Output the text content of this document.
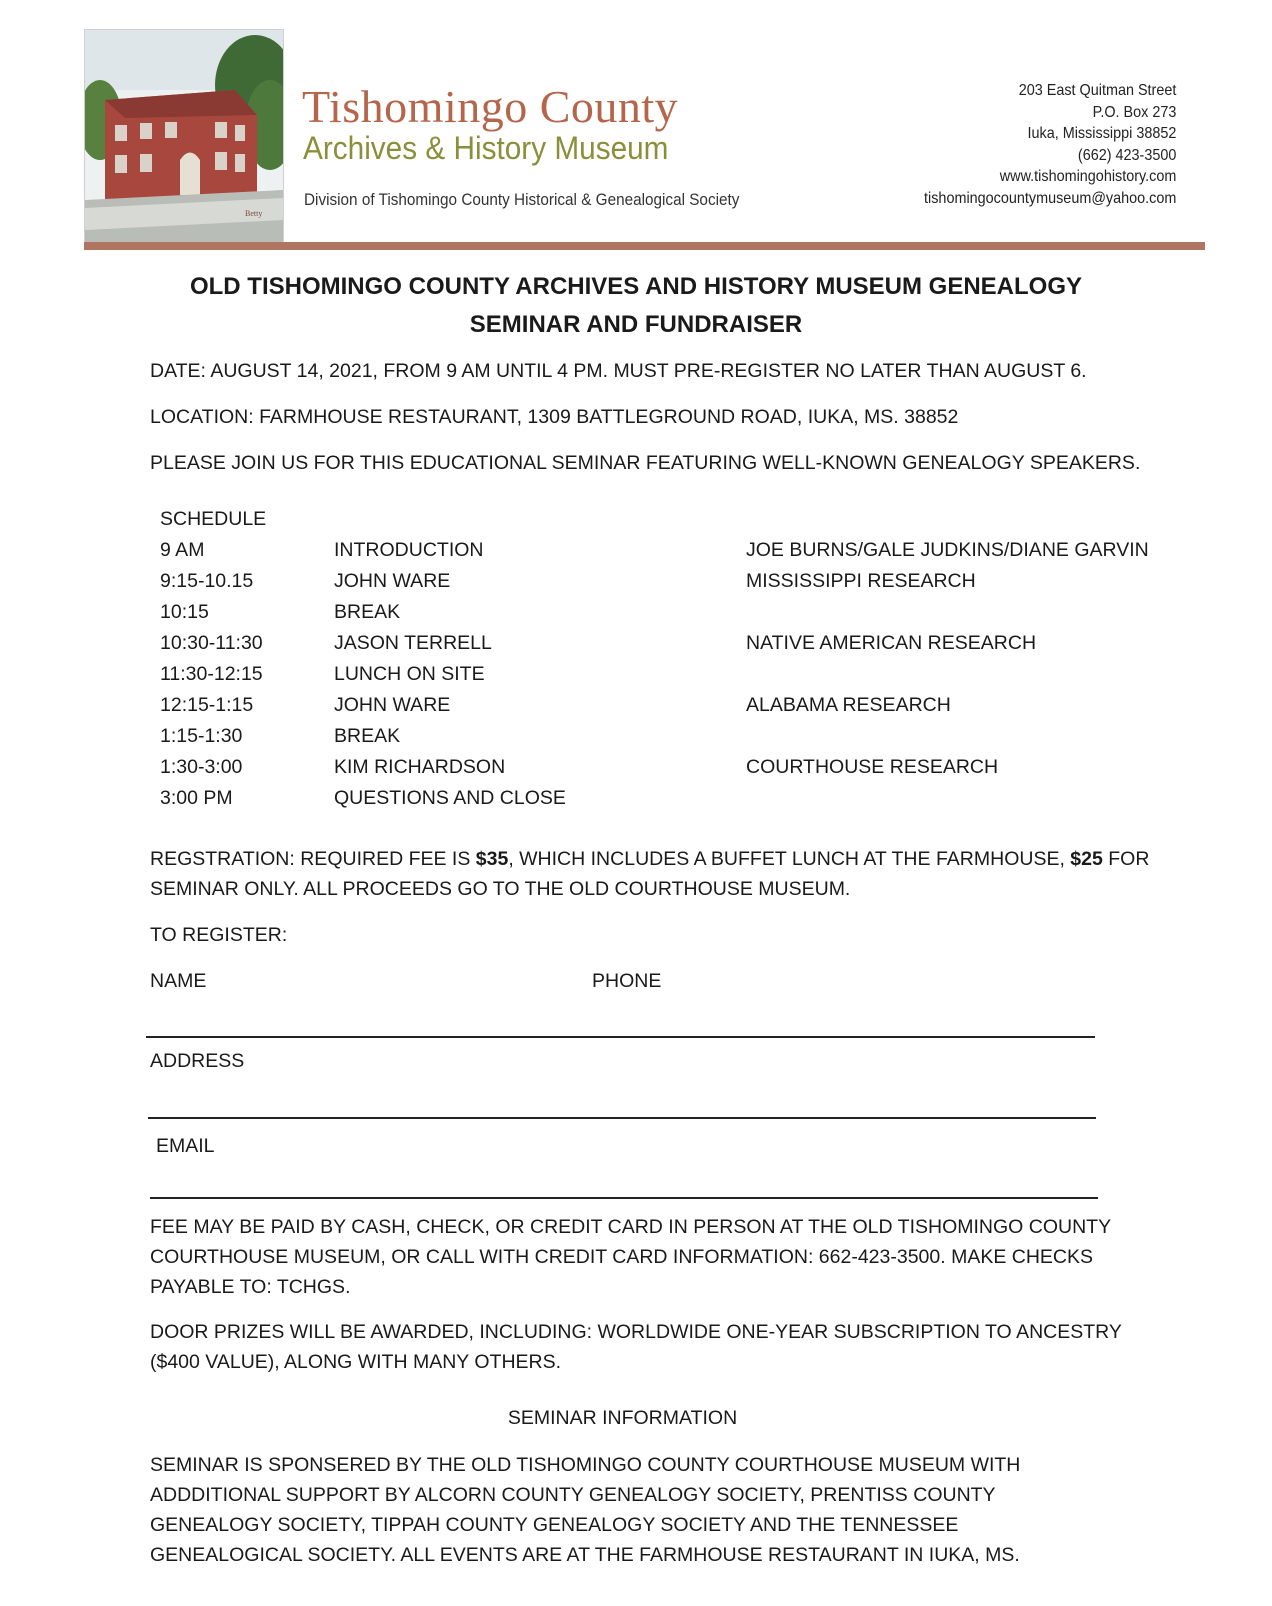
Betty
Tishomingo County
Archives & History Museum
Division of Tishomingo County Historical & Genealogical Society
203 East Quitman Street
P.O. Box 273
Iuka, Mississippi 38852
(662) 423-3500
www.tishomingohistory.com
tishomingocountymuseum@yahoo.com
OLD TISHOMINGO COUNTY ARCHIVES AND HISTORY MUSEUM GENEALOGY
SEMINAR AND FUNDRAISER
DATE: AUGUST 14, 2021, FROM 9 AM UNTIL 4 PM. MUST PRE-REGISTER NO LATER THAN AUGUST 6.
LOCATION: FARMHOUSE RESTAURANT, 1309 BATTLEGROUND ROAD, IUKA, MS. 38852
PLEASE JOIN US FOR THIS EDUCATIONAL SEMINAR FEATURING WELL-KNOWN GENEALOGY SPEAKERS.
SCHEDULE
9 AM	INTRODUCTION	JOE BURNS/GALE JUDKINS/DIANE GARVIN
9:15-10.15	JOHN WARE	MISSISSIPPI RESEARCH
10:15	BREAK
10:30-11:30	JASON TERRELL	NATIVE AMERICAN RESEARCH
11:30-12:15	LUNCH ON SITE
12:15-1:15	JOHN WARE	ALABAMA RESEARCH
1:15-1:30	BREAK
1:30-3:00	KIM RICHARDSON	COURTHOUSE RESEARCH
3:00 PM	QUESTIONS AND CLOSE
REGSTRATION: REQUIRED FEE IS $35, WHICH INCLUDES A BUFFET LUNCH AT THE FARMHOUSE, $25 FOR SEMINAR ONLY. ALL PROCEEDS GO TO THE OLD COURTHOUSE MUSEUM.
TO REGISTER:
NAME	PHONE
ADDRESS
EMAIL
FEE MAY BE PAID BY CASH, CHECK, OR CREDIT CARD IN PERSON AT THE OLD TISHOMINGO COUNTY COURTHOUSE MUSEUM, OR CALL WITH CREDIT CARD INFORMATION: 662-423-3500. MAKE CHECKS PAYABLE TO: TCHGS.
DOOR PRIZES WILL BE AWARDED, INCLUDING: WORLDWIDE ONE-YEAR SUBSCRIPTION TO ANCESTRY ($400 VALUE), ALONG WITH MANY OTHERS.
SEMINAR INFORMATION
SEMINAR IS SPONSERED BY THE OLD TISHOMINGO COUNTY COURTHOUSE MUSEUM WITH ADDDITIONAL SUPPORT BY ALCORN COUNTY GENEALOGY SOCIETY, PRENTISS COUNTY GENEALOGY SOCIETY, TIPPAH COUNTY GENEALOGY SOCIETY AND THE TENNESSEE GENEALOGICAL SOCIETY. ALL EVENTS ARE AT THE FARMHOUSE RESTAURANT IN IUKA, MS.
